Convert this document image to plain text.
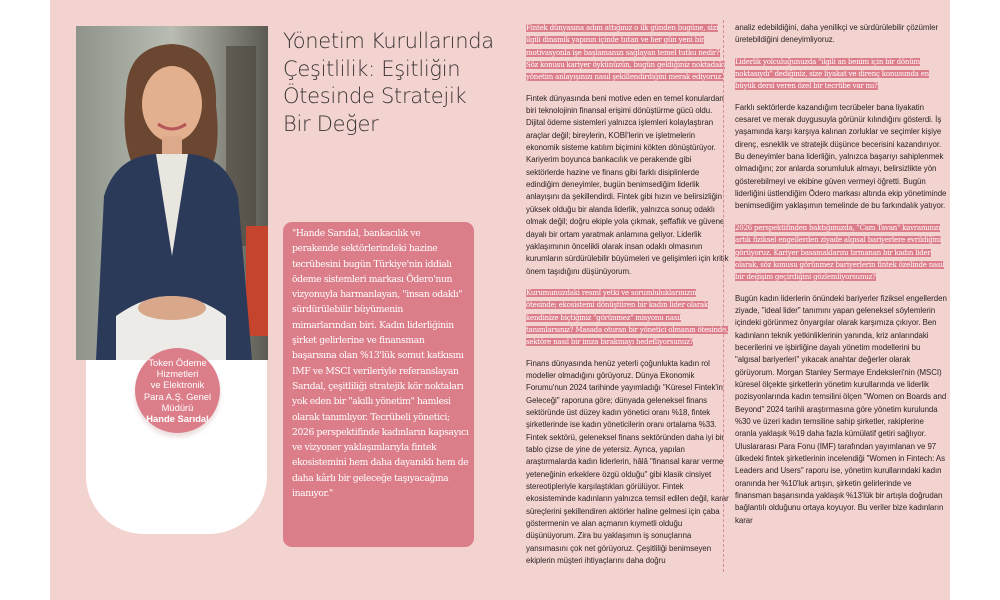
Token Ödeme
Hizmetleri
ve Elektronik
Para A.Ş. Genel
Müdürü
Hande Sarıdal
Yönetim Kurullarında Çeşitlilik: Eşitliğin Ötesinde Stratejik Bir Değer
"Hande Sarıdal, bankacılık ve perakende sektörlerindeki hazine tecrübesini bugün Türkiye'nin iddialı ödeme sistemleri markası Ödero'nun vizyonuyla harmanlayan, "insan odaklı" sürdürülebilir büyümenin mimarlarından biri. Kadın liderliğinin şirket gelirlerine ve finansman başarısına olan %13'lük somut katkısını IMF ve MSCI verileriyle referanslayan Sarıdal, çeşitliliği stratejik kör noktaları yok eden bir "akıllı yönetim" hamlesi olarak tanımlıyor. Tecrübeli yönetici; 2026 perspektifinde kadınların kapsayıcı ve vizyoner yaklaşımlarıyla fintek ekosistemini hem daha dayanıklı hem de daha kârlı bir geleceğe taşıyacağına inanıyor."

Fintek dünyasına adım attığınız o ilk günden bugüne, sizi ilgili dinamik yapının içinde tutan ve her gün yeni bir motivasyonla işe başlamanızı sağlayan temel tutku nedir? Söz konusu kariyer öykünüzün, bugün geldiğiniz noktadaki yönetim anlayışınızı nasıl şekillendirdiğini merak ediyoruz.

Fintek dünyasında beni motive eden en temel konulardan biri teknolojinin finansal erişimi dönüştürme gücü oldu. Dijital ödeme sistemleri yalnızca işlemleri kolaylaştıran araçlar değil; bireylerin, KOBİ'lerin ve işletmelerin ekonomik sisteme katılım biçimini kökten dönüştürüyor. Kariyerim boyunca bankacılık ve perakende gibi sektörlerde hazine ve finans gibi farklı disiplinlerde edindiğim deneyimler, bugün benimsediğim liderlik anlayışını da şekillendirdi. Fintek gibi hızın ve belirsizliğin yüksek olduğu bir alanda liderlik, yalnızca sonuç odaklı olmak değil; doğru ekiple yola çıkmak, şeffaflık ve güvene dayalı bir ortam yaratmak anlamına geliyor. Liderlik yaklaşımının öncelikli olarak insan odaklı olmasının kurumların sürdürülebilir büyümeleri ve gelişimleri için kritik önem taşıdığını düşünüyorum.

Kurumunuzdaki resmî yetki ve sorumluluklarınızın ötesinde; ekosistemi dönüştüren bir kadın lider olarak kendinize biçtiğiniz "görünmez" misyonu nasıl tanımlarsınız? Masada oturan bir yönetici olmanın ötesinde, sektöre nasıl bir imza bırakmayı hedefliyorsunuz?

Finans dünyasında henüz yeterli çoğunlukta kadın rol modeller olmadığını görüyoruz. Dünya Ekonomik Forumu'nun 2024 tarihinde yayımladığı "Küresel Fintek'in Geleceği" raporuna göre; dünyada geleneksel finans sektöründe üst düzey kadın yönetici oranı %18, fintek şirketlerinde ise kadın yöneticilerin oranı ortalama %33. Fintek sektörü, geleneksel finans sektöründen daha iyi bir tablo çizse de yine de yetersiz. Ayrıca, yapılan araştırmalarda kadın liderlerin, hâlâ "finansal karar verme yeteneğinin erkeklere özgü olduğu" gibi klasik cinsiyet stereotipleriyle karşılaştıkları görülüyor. Fintek ekosisteminde kadınların yalnızca temsil edilen değil, karar süreçlerini şekillendiren aktörler haline gelmesi için çaba göstermenin ve alan açmanın kıymetli olduğu düşünüyorum. Zira bu yaklaşımın iş sonuçlarına yansımasını çok net görüyoruz. Çeşitliliği benimseyen ekiplerin müşteri ihtiyaçlarını daha doğru

analiz edebildiğini, daha yenilikçi ve sürdürülebilir çözümler üretebildiğini deneyimliyoruz.

Liderlik yolculuğunuzda "ilgili an benim için bir dönüm noktasıydı" dediğiniz, size liyakat ve direnç konusunda en büyük dersi veren özel bir tecrübe var mı?

Farklı sektörlerde kazandığım tecrübeler bana liyakatin cesaret ve merak duygusuyla görünür kılındığını gösterdi. İş yaşamında karşı karşıya kalınan zorluklar ve seçimler kişiye direnç, esneklik ve stratejik düşünce becerisini kazandırıyor. Bu deneyimler bana liderliğin, yalnızca başarıyı sahiplenmek olmadığını; zor anlarda sorumluluk almayı, belirsizlikte yön gösterebilmeyi ve ekibine güven vermeyi öğretti. Bugün liderliğini üstlendiğim Ödero markası altında ekip yönetiminde benimsediğim yaklaşımın temelinde de bu farkındalık yatıyor.

2026 perspektifinden baktığımızda, "Cam Tavan" kavramının artık fiziksel engellerden ziyade algısal bariyerlere evrildiğini görüyoruz. Kariyer basamaklarını tırmanan bir kadın lider olarak, söz konusu görünmez bariyerlerin fintek özelinde nasıl bir değişim geçirdiğini gözlemliyorsunuz?

Bugün kadın liderlerin önündeki bariyerler fiziksel engellerden ziyade, "ideal lider" tanımını yapan geleneksel söylemlerin içindeki görünmez önyargılar olarak karşımıza çıkıyor. Ben kadınların teknik yetkinliklerinin yanında, kriz anlarındaki becerilerini ve işbirliğine dayalı yönetim modellerini bu "algısal bariyerleri" yıkacak anahtar değerler olarak görüyorum. Morgan Stanley Sermaye Endeksleri'nin (MSCI) küresel ölçekte şirketlerin yönetim kurullarında ve liderlik pozisyonlarında kadın temsilini ölçen "Women on Boards and Beyond" 2024 tarihli araştırmasına göre yönetim kurulunda %30 ve üzeri kadın temsiline sahip şirketler, rakiplerine oranla yaklaşık %19 daha fazla kümülatif getiri sağlıyor. Uluslararası Para Fonu (IMF) tarafından yayımlanan ve 97 ülkedeki fintek şirketlerinin incelendiği "Women in Fintech: As Leaders and Users" raporu ise, yönetim kurullarındaki kadın oranında her %10'luk artışın, şirketin gelirlerinde ve finansman başarısında yaklaşık %13'lük bir artışla doğrudan bağlantılı olduğunu ortaya koyuyor. Bu veriler bize kadınların karar
